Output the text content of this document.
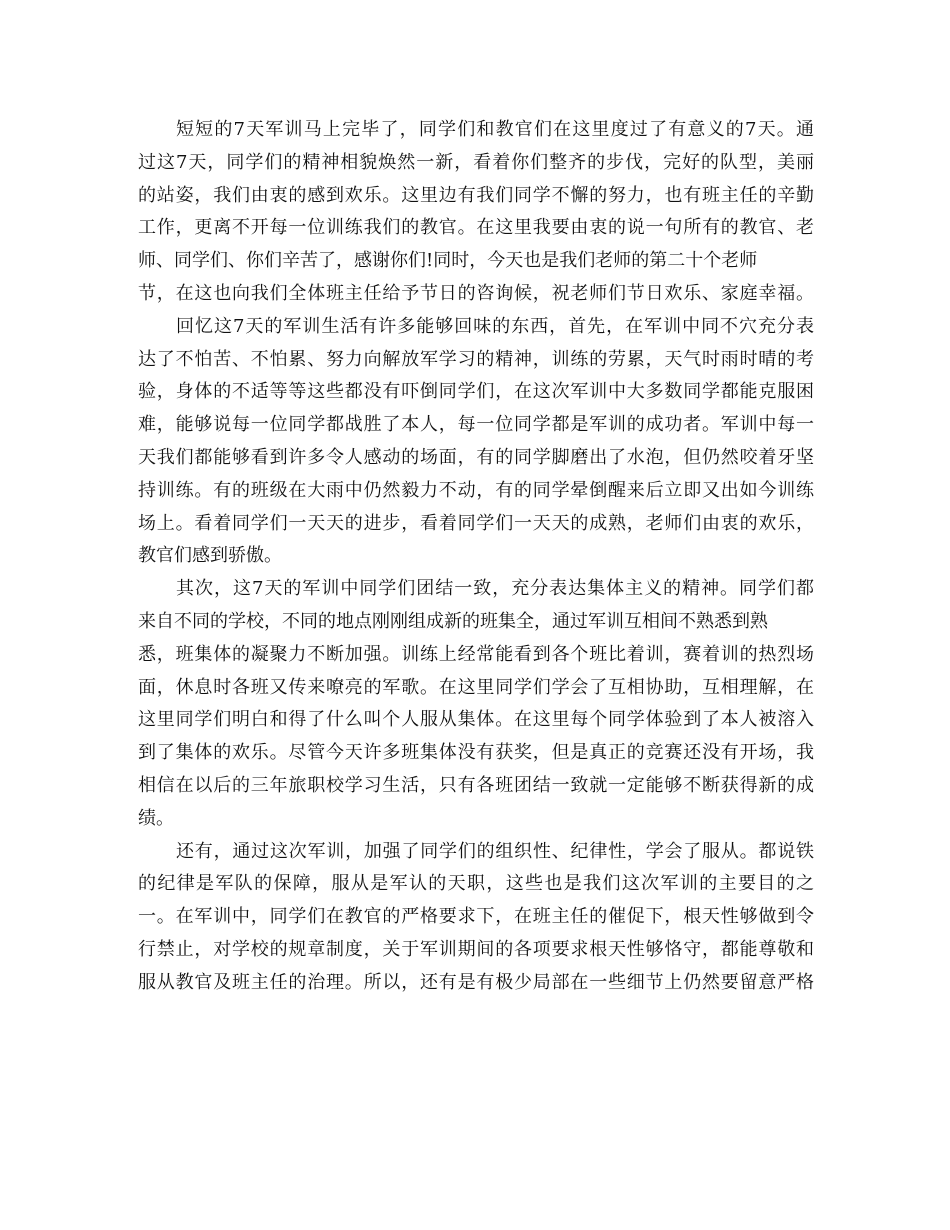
短短的7天军训马上完毕了，同学们和教官们在这里度过了有意义的7天。通
过这7天，同学们的精神相貌焕然一新，看着你们整齐的步伐，完好的队型，美丽
的站姿，我们由衷的感到欢乐。这里边有我们同学不懈的努力，也有班主任的辛勤
工作，更离不开每一位训练我们的教官。在这里我要由衷的说一句所有的教官、老
师、同学们、你们辛苦了，感谢你们!同时，今天也是我们老师的第二十个老师
节，在这也向我们全体班主任给予节日的咨询候，祝老师们节日欢乐、家庭幸福。
回忆这7天的军训生活有许多能够回味的东西，首先，在军训中同不穴充分表
达了不怕苦、不怕累、努力向解放军学习的精神，训练的劳累，天气时雨时晴的考
验，身体的不适等等这些都没有吓倒同学们，在这次军训中大多数同学都能克服困
难，能够说每一位同学都战胜了本人，每一位同学都是军训的成功者。军训中每一
天我们都能够看到许多令人感动的场面，有的同学脚磨出了水泡，但仍然咬着牙坚
持训练。有的班级在大雨中仍然毅力不动，有的同学晕倒醒来后立即又出如今训练
场上。看着同学们一天天的进步，看着同学们一天天的成熟，老师们由衷的欢乐，
教官们感到骄傲。
其次，这7天的军训中同学们团结一致，充分表达集体主义的精神。同学们都
来自不同的学校，不同的地点刚刚组成新的班集全，通过军训互相间不熟悉到熟
悉，班集体的凝聚力不断加强。训练上经常能看到各个班比着训，赛着训的热烈场
面，休息时各班又传来嘹亮的军歌。在这里同学们学会了互相协助，互相理解，在
这里同学们明白和得了什么叫个人服从集体。在这里每个同学体验到了本人被溶入
到了集体的欢乐。尽管今天许多班集体没有获奖，但是真正的竞赛还没有开场，我
相信在以后的三年旅职校学习生活，只有各班团结一致就一定能够不断获得新的成
绩。
还有，通过这次军训，加强了同学们的组织性、纪律性，学会了服从。都说铁
的纪律是军队的保障，服从是军认的天职，这些也是我们这次军训的主要目的之
一。在军训中，同学们在教官的严格要求下，在班主任的催促下，根天性够做到令
行禁止，对学校的规章制度，关于军训期间的各项要求根天性够恪守，都能尊敬和
服从教官及班主任的治理。所以，还有是有极少局部在一些细节上仍然要留意严格
